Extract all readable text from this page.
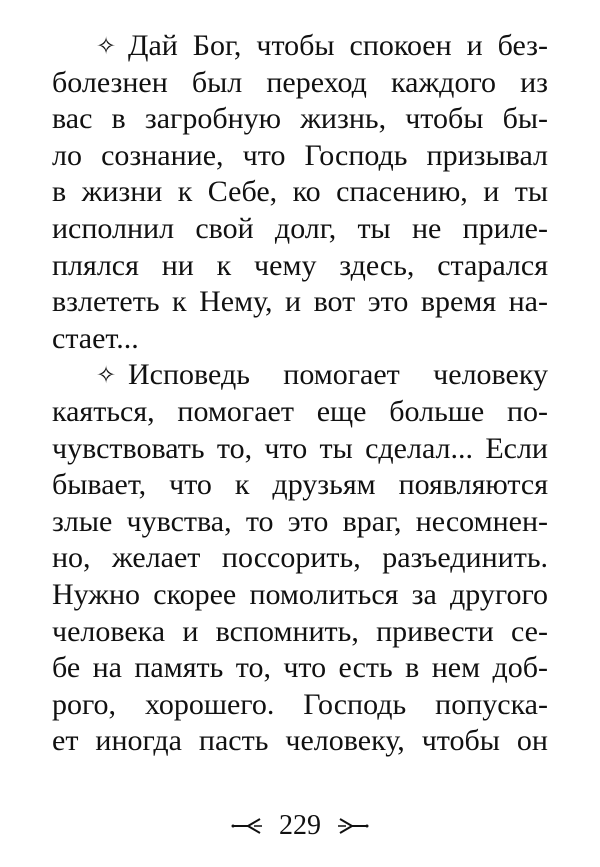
✧ Дай Бог, чтобы спокоен и без-
болезнен был переход каждого из
вас в загробную жизнь, чтобы бы-
ло сознание, что Господь призывал
в жизни к Себе, ко спасению, и ты
исполнил свой долг, ты не приле-
плялся ни к чему здесь, старался
взлететь к Нему, и вот это время на-
стает...
✧ Исповедь помогает человеку
каяться, помогает еще больше по-
чувствовать то, что ты сделал... Если
бывает, что к друзьям появляются
злые чувства, то это враг, несомнен-
но, желает поссорить, разъединить.
Нужно скорее помолиться за другого
человека и вспомнить, привести се-
бе на память то, что есть в нем доб-
рого, хорошего. Господь попуска-
ет иногда пасть человеку, чтобы он
229
